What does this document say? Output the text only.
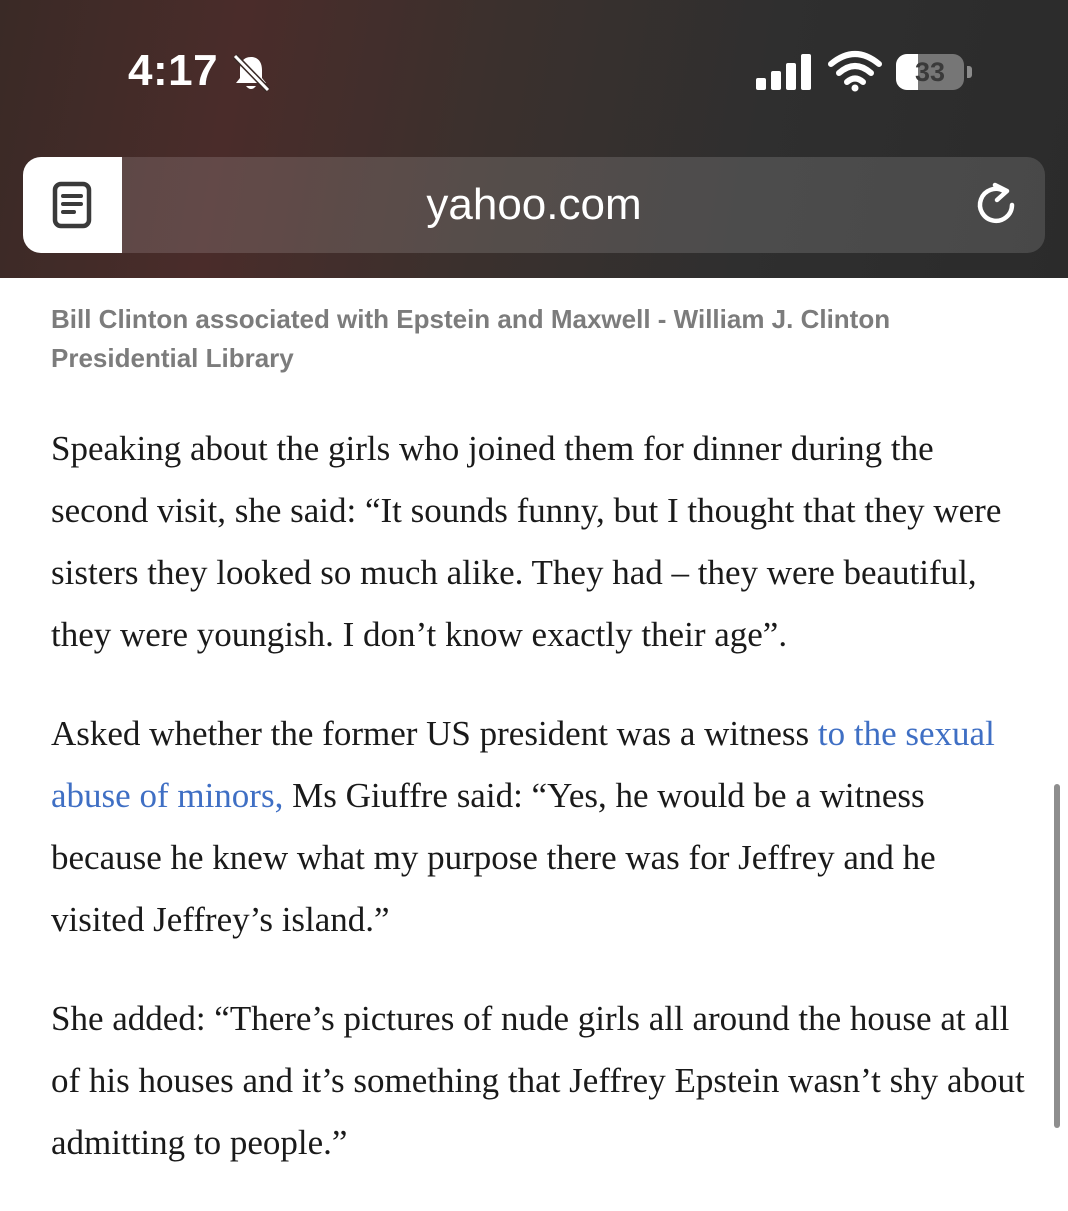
4:17	33
yahoo.com
Bill Clinton associated with Epstein and Maxwell - William J. Clinton Presidential Library

Speaking about the girls who joined them for dinner during the second visit, she said: “It sounds funny, but I thought that they were sisters they looked so much alike. They had – they were beautiful, they were youngish. I don’t know exactly their age”.

Asked whether the former US president was a witness to the sexual abuse of minors, Ms Giuffre said: “Yes, he would be a witness because he knew what my purpose there was for Jeffrey and he visited Jeffrey’s island.”

She added: “There’s pictures of nude girls all around the house at all of his houses and it’s something that Jeffrey Epstein wasn’t shy about admitting to people.”
